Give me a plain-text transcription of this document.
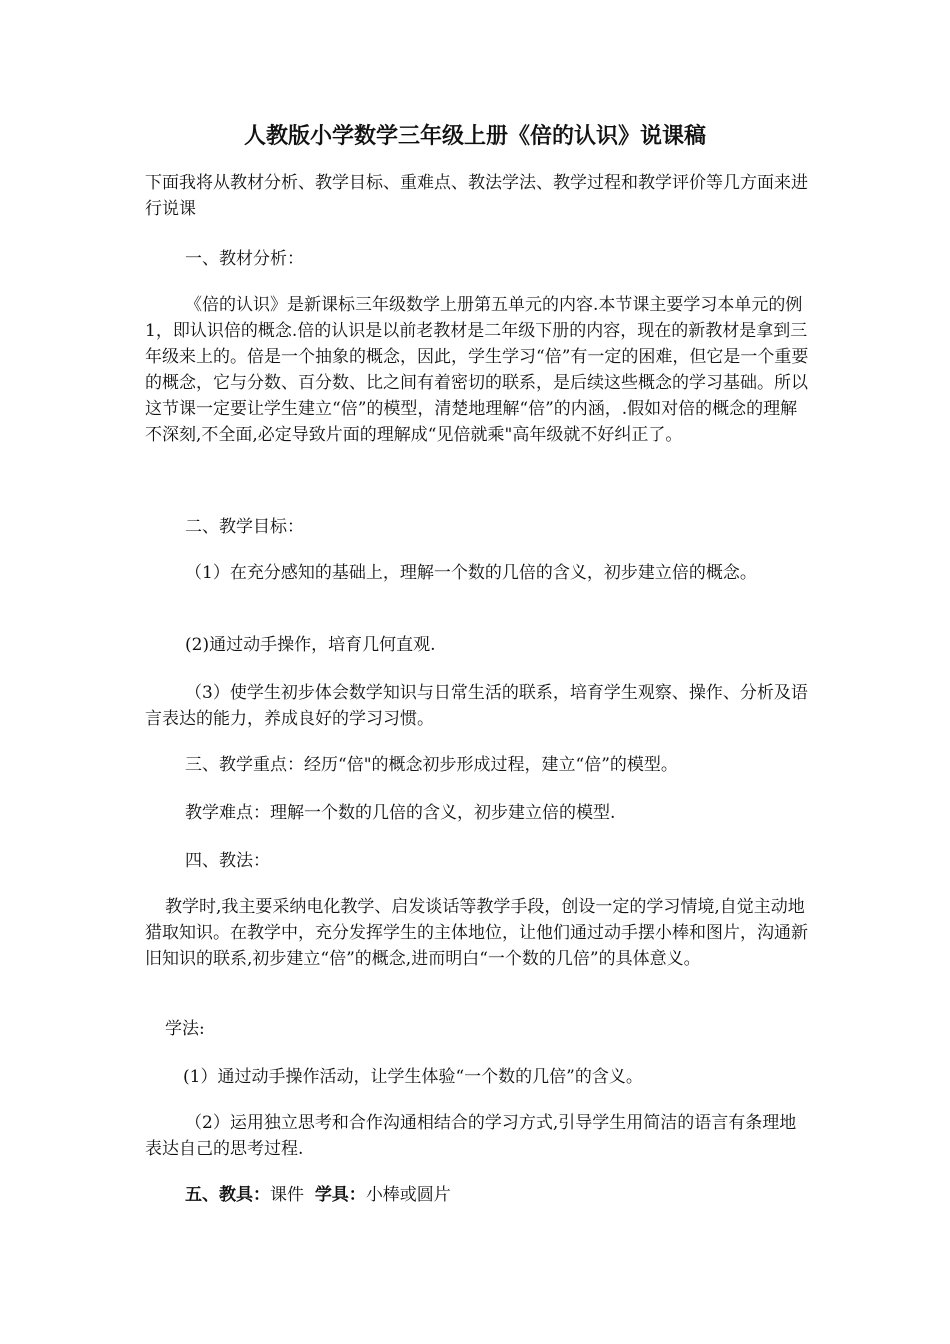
人教版小学数学三年级上册《倍的认识》说课稿

下面我将从教材分析、教学目标、重难点、教法学法、教学过程和教学评价等几方面来进行说课

一、教材分析：

《倍的认识》是新课标三年级数学上册第五单元的内容.本节课主要学习本单元的例1，即认识倍的概念.倍的认识是以前老教材是二年级下册的内容，现在的新教材是拿到三年级来上的。倍是一个抽象的概念，因此，学生学习“倍”有一定的困难，但它是一个重要的概念，它与分数、百分数、比之间有着密切的联系，是后续这些概念的学习基础。所以这节课一定要让学生建立“倍”的模型，清楚地理解“倍”的内涵，.假如对倍的概念的理解不深刻,不全面,必定导致片面的理解成“见倍就乘"高年级就不好纠正了。

二、教学目标：

（1）在充分感知的基础上，理解一个数的几倍的含义，初步建立倍的概念。

(2)通过动手操作，培育几何直观.

（3）使学生初步体会数学知识与日常生活的联系，培育学生观察、操作、分析及语言表达的能力，养成良好的学习习惯。

三、教学重点：经历“倍"的概念初步形成过程，建立“倍”的模型。

教学难点：理解一个数的几倍的含义，初步建立倍的模型.

四、教法：

教学时,我主要采纳电化教学、启发谈话等教学手段，创设一定的学习情境,自觉主动地猎取知识。在教学中，充分发挥学生的主体地位，让他们通过动手摆小棒和图片，沟通新旧知识的联系,初步建立“倍”的概念,进而明白“一个数的几倍”的具体意义。

学法:

(1）通过动手操作活动，让学生体验“一个数的几倍”的含义。

（2）运用独立思考和合作沟通相结合的学习方式,引导学生用简洁的语言有条理地表达自己的思考过程.

五、教具：课件 学具：小棒或圆片
